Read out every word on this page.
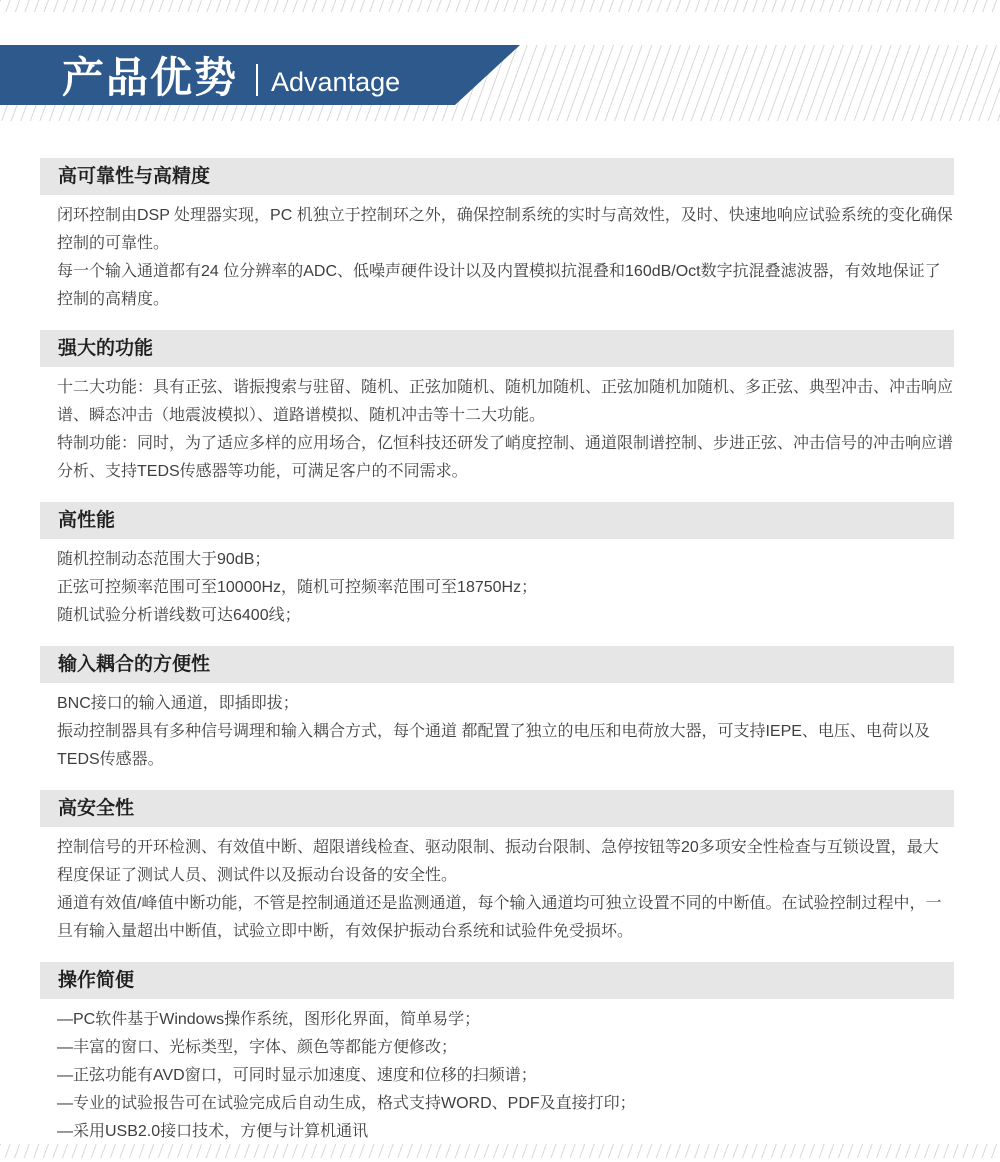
产品优势 Advantage
高可靠性与高精度

闭环控制由DSP 处理器实现，PC 机独立于控制环之外，确保控制系统的实时与高效性，及时、快速地响应试验系统的变化确保控制的可靠性。

每一个输入通道都有24 位分辨率的ADC、低噪声硬件设计以及内置模拟抗混叠和160dB/Oct数字抗混叠滤波器，有效地保证了控制的高精度。

强大的功能

十二大功能：具有正弦、谐振搜索与驻留、随机、正弦加随机、随机加随机、正弦加随机加随机、多正弦、典型冲击、冲击响应谱、瞬态冲击（地震波模拟）、道路谱模拟、随机冲击等十二大功能。

特制功能：同时，为了适应多样的应用场合，亿恒科技还研发了峭度控制、通道限制谱控制、步进正弦、冲击信号的冲击响应谱分析、支持TEDS传感器等功能，可满足客户的不同需求。

高性能

随机控制动态范围大于90dB；

正弦可控频率范围可至10000Hz，随机可控频率范围可至18750Hz；

随机试验分析谱线数可达6400线；

输入耦合的方便性

BNC接口的输入通道，即插即拔；

振动控制器具有多种信号调理和输入耦合方式，每个通道 都配置了独立的电压和电荷放大器，可支持IEPE、电压、电荷以及TEDS传感器。

高安全性

控制信号的开环检测、有效值中断、超限谱线检查、驱动限制、振动台限制、急停按钮等20多项安全性检查与互锁设置，最大程度保证了测试人员、测试件以及振动台设备的安全性。

通道有效值/峰值中断功能，不管是控制通道还是监测通道，每个输入通道均可独立设置不同的中断值。在试验控制过程中，一旦有输入量超出中断值，试验立即中断，有效保护振动台系统和试验件免受损坏。

操作简便

—PC软件基于Windows操作系统，图形化界面，简单易学；

—丰富的窗口、光标类型，字体、颜色等都能方便修改；

—正弦功能有AVD窗口，可同时显示加速度、速度和位移的扫频谱；

—专业的试验报告可在试验完成后自动生成，格式支持WORD、PDF及直接打印；

—采用USB2.0接口技术，方便与计算机通讯
